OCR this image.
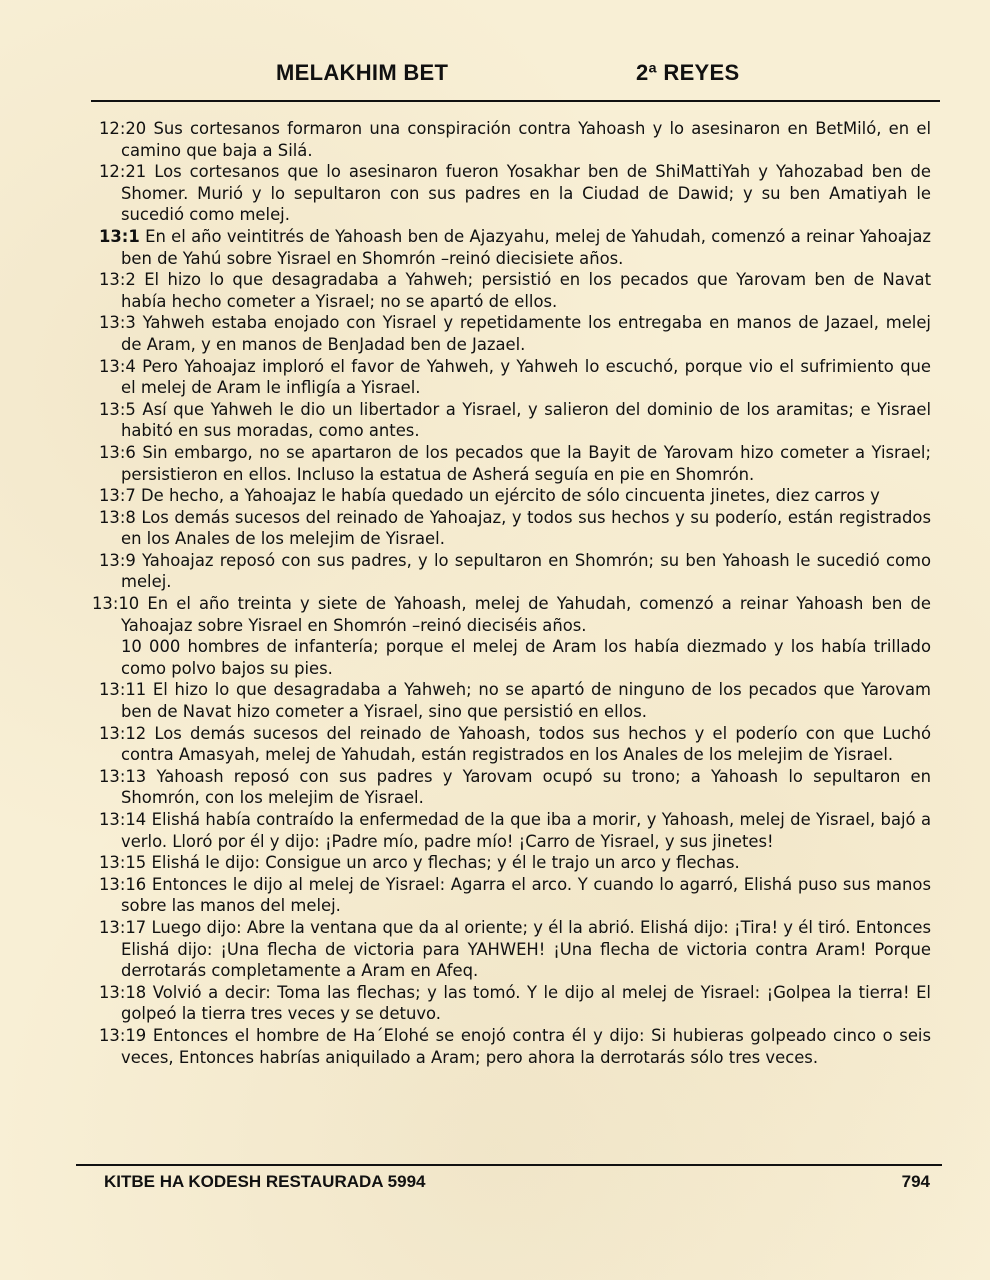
MELAKHIM BET	2ª REYES
12:20 Sus cortesanos formaron una conspiración contra Yahoash y lo asesinaron en BetMiló, en el camino que baja a Silá.
12:21 Los cortesanos que lo asesinaron fueron Yosakhar ben de ShiMattiYah y Yahozabad ben de Shomer. Murió y lo sepultaron con sus padres en la Ciudad de Dawid; y su ben Amatiyah le sucedió como melej.
13:1 En el año veintitrés de Yahoash ben de Ajazyahu, melej de Yahudah, comenzó a reinar Yahoajaz ben de Yahú sobre Yisrael en Shomrón –reinó diecisiete años.
13:2 El hizo lo que desagradaba a Yahweh; persistió en los pecados que Yarovam ben de Navat había hecho cometer a Yisrael; no se apartó de ellos.
13:3 Yahweh estaba enojado con Yisrael y repetidamente los entregaba en manos de Jazael, melej de Aram, y en manos de BenJadad ben de Jazael.
13:4 Pero Yahoajaz imploró el favor de Yahweh, y Yahweh lo escuchó, porque vio el sufrimiento que el melej de Aram le infligía a Yisrael.
13:5 Así que Yahweh le dio un libertador a Yisrael, y salieron del dominio de los aramitas; e Yisrael habitó en sus moradas, como antes.
13:6 Sin embargo, no se apartaron de los pecados que la Bayit de Yarovam hizo cometer a Yisrael; persistieron en ellos. Incluso la estatua de Asherá seguía en pie en Shomrón.
13:7 De hecho, a Yahoajaz le había quedado un ejército de sólo cincuenta jinetes, diez carros y
13:8 Los demás sucesos del reinado de Yahoajaz, y todos sus hechos y su poderío, están registrados en los Anales de los melejim de Yisrael.
13:9 Yahoajaz reposó con sus padres, y lo sepultaron en Shomrón; su ben Yahoash le sucedió como melej.
13:10 En el año treinta y siete de Yahoash, melej de Yahudah, comenzó a reinar Yahoash ben de Yahoajaz sobre Yisrael en Shomrón –reinó dieciséis años.
10 000 hombres de infantería; porque el melej de Aram los había diezmado y los había trillado como polvo bajos su pies.
13:11 El hizo lo que desagradaba a Yahweh; no se apartó de ninguno de los pecados que Yarovam ben de Navat hizo cometer a Yisrael, sino que persistió en ellos.
13:12 Los demás sucesos del reinado de Yahoash, todos sus hechos y el poderío con que Luchó contra Amasyah, melej de Yahudah, están registrados en los Anales de los melejim de Yisrael.
13:13 Yahoash reposó con sus padres y Yarovam ocupó su trono; a Yahoash lo sepultaron en Shomrón, con los melejim de Yisrael.
13:14 Elishá había contraído la enfermedad de la que iba a morir, y Yahoash, melej de Yisrael, bajó a verlo. Lloró por él y dijo: ¡Padre mío, padre mío! ¡Carro de Yisrael, y sus jinetes!
13:15 Elishá le dijo: Consigue un arco y flechas; y él le trajo un arco y flechas.
13:16 Entonces le dijo al melej de Yisrael: Agarra el arco. Y cuando lo agarró, Elishá puso sus manos sobre las manos del melej.
13:17 Luego dijo: Abre la ventana que da al oriente; y él la abrió. Elishá dijo: ¡Tira! y él tiró. Entonces Elishá dijo: ¡Una flecha de victoria para YAHWEH! ¡Una flecha de victoria contra Aram! Porque derrotarás completamente a Aram en Afeq.
13:18 Volvió a decir: Toma las flechas; y las tomó. Y le dijo al melej de Yisrael: ¡Golpea la tierra! El golpeó la tierra tres veces y se detuvo.
13:19 Entonces el hombre de Ha´Elohé se enojó contra él y dijo: Si hubieras golpeado cinco o seis veces, Entonces habrías aniquilado a Aram; pero ahora la derrotarás sólo tres veces.
KITBE HA KODESH RESTAURADA 5994	794
